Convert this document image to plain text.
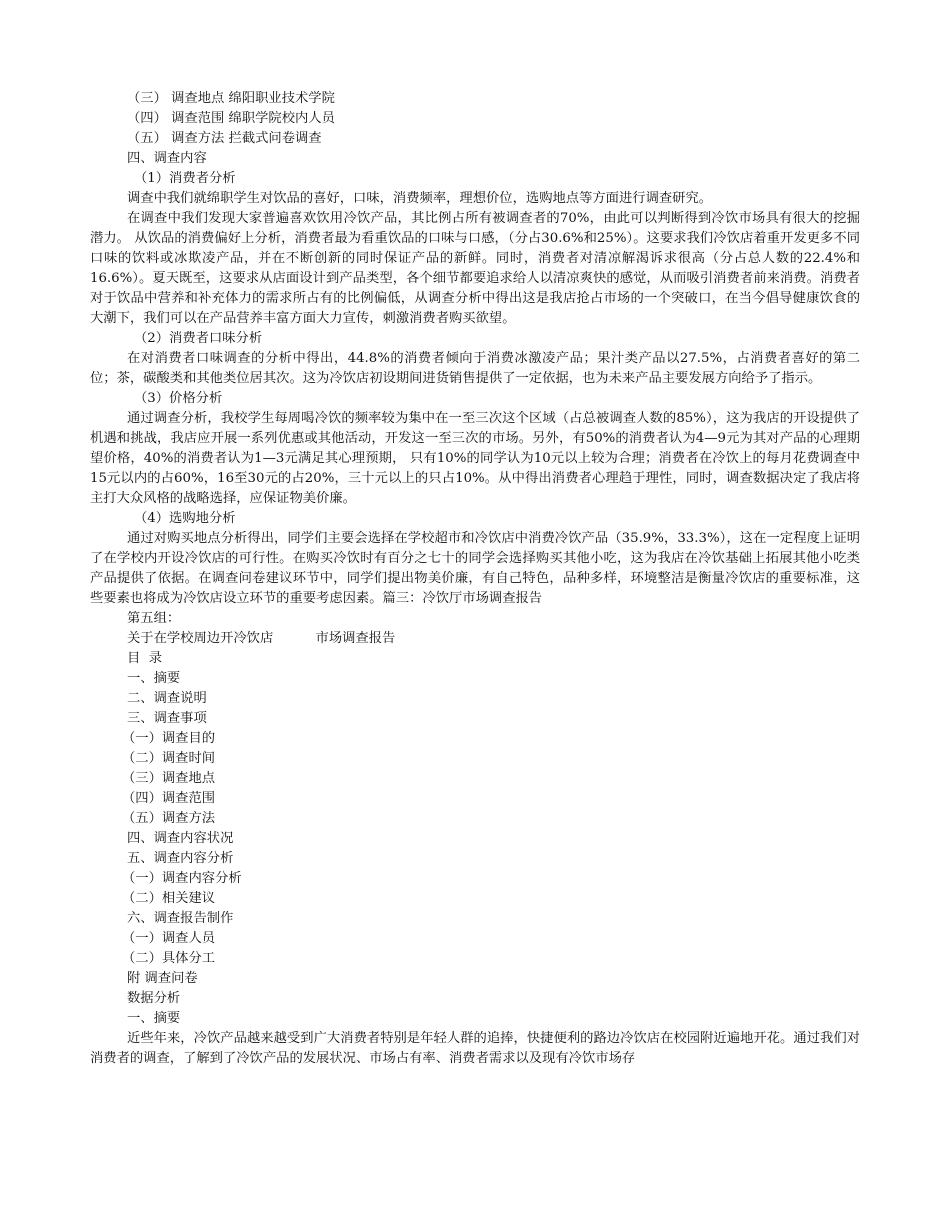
（三） 调查地点 绵阳职业技术学院

（四） 调查范围 绵职学院校内人员

（五） 调查方法 拦截式问卷调查

四、调查内容

（1）消费者分析

调查中我们就绵职学生对饮品的喜好，口味，消费频率，理想价位，选购地点等方面进行调查研究。

在调查中我们发现大家普遍喜欢饮用冷饮产品，其比例占所有被调查者的70%，由此可以判断得到冷饮市场具有很大的挖掘潜力。 从饮品的消费偏好上分析，消费者最为看重饮品的口味与口感，（分占30.6%和25%）。这要求我们冷饮店着重开发更多不同口味的饮料或冰欺凌产品，并在不断创新的同时保证产品的新鲜。同时，消费者对清凉解渴诉求很高（分占总人数的22.4%和16.6%）。夏天既至，这要求从店面设计到产品类型，各个细节都要追求给人以清凉爽快的感觉，从而吸引消费者前来消费。消费者对于饮品中营养和补充体力的需求所占有的比例偏低，从调查分析中得出这是我店抢占市场的一个突破口，在当今倡导健康饮食的大潮下，我们可以在产品营养丰富方面大力宣传，刺激消费者购买欲望。

（2）消费者口味分析

在对消费者口味调查的分析中得出，44.8%的消费者倾向于消费冰激凌产品；果汁类产品以27.5%，占消费者喜好的第二位；茶，碳酸类和其他类位居其次。这为冷饮店初设期间进货销售提供了一定依据，也为未来产品主要发展方向给予了指示。

（3）价格分析

通过调查分析，我校学生每周喝冷饮的频率较为集中在一至三次这个区域（占总被调查人数的85%），这为我店的开设提供了机遇和挑战，我店应开展一系列优惠或其他活动，开发这一至三次的市场。另外，有50%的消费者认为4—9元为其对产品的心理期望价格，40%的消费者认为1—3元满足其心理预期， 只有10%的同学认为10元以上较为合理；消费者在冷饮上的每月花费调查中15元以内的占60%，16至30元的占20%，三十元以上的只占10%。从中得出消费者心理趋于理性，同时，调查数据决定了我店将主打大众风格的战略选择，应保证物美价廉。

（4）选购地分析

通过对购买地点分析得出，同学们主要会选择在学校超市和冷饮店中消费冷饮产品（35.9%，33.3%），这在一定程度上证明了在学校内开设冷饮店的可行性。在购买冷饮时有百分之七十的同学会选择购买其他小吃，这为我店在冷饮基础上拓展其他小吃类产品提供了依据。在调查问卷建议环节中，同学们提出物美价廉，有自己特色，品种多样，环境整洁是衡量冷饮店的重要标准，这些要素也将成为冷饮店设立环节的重要考虑因素。篇三：冷饮厅市场调查报告

第五组：

关于在学校周边开冷饮店          市场调查报告

目  录

一、摘要

二、调查说明

三、调查事项

（一）调查目的

（二）调查时间

（三）调查地点

（四）调查范围

（五）调查方法

四、调查内容状况

五、调查内容分析

（一）调查内容分析

（二）相关建议

六、调查报告制作

（一）调查人员

（二）具体分工

附 调查问卷

数据分析

一、摘要

近些年来，冷饮产品越来越受到广大消费者特别是年轻人群的追捧，快捷便利的路边冷饮店在校园附近遍地开花。通过我们对消费者的调查，了解到了冷饮产品的发展状况、市场占有率、消费者需求以及现有冷饮市场存
